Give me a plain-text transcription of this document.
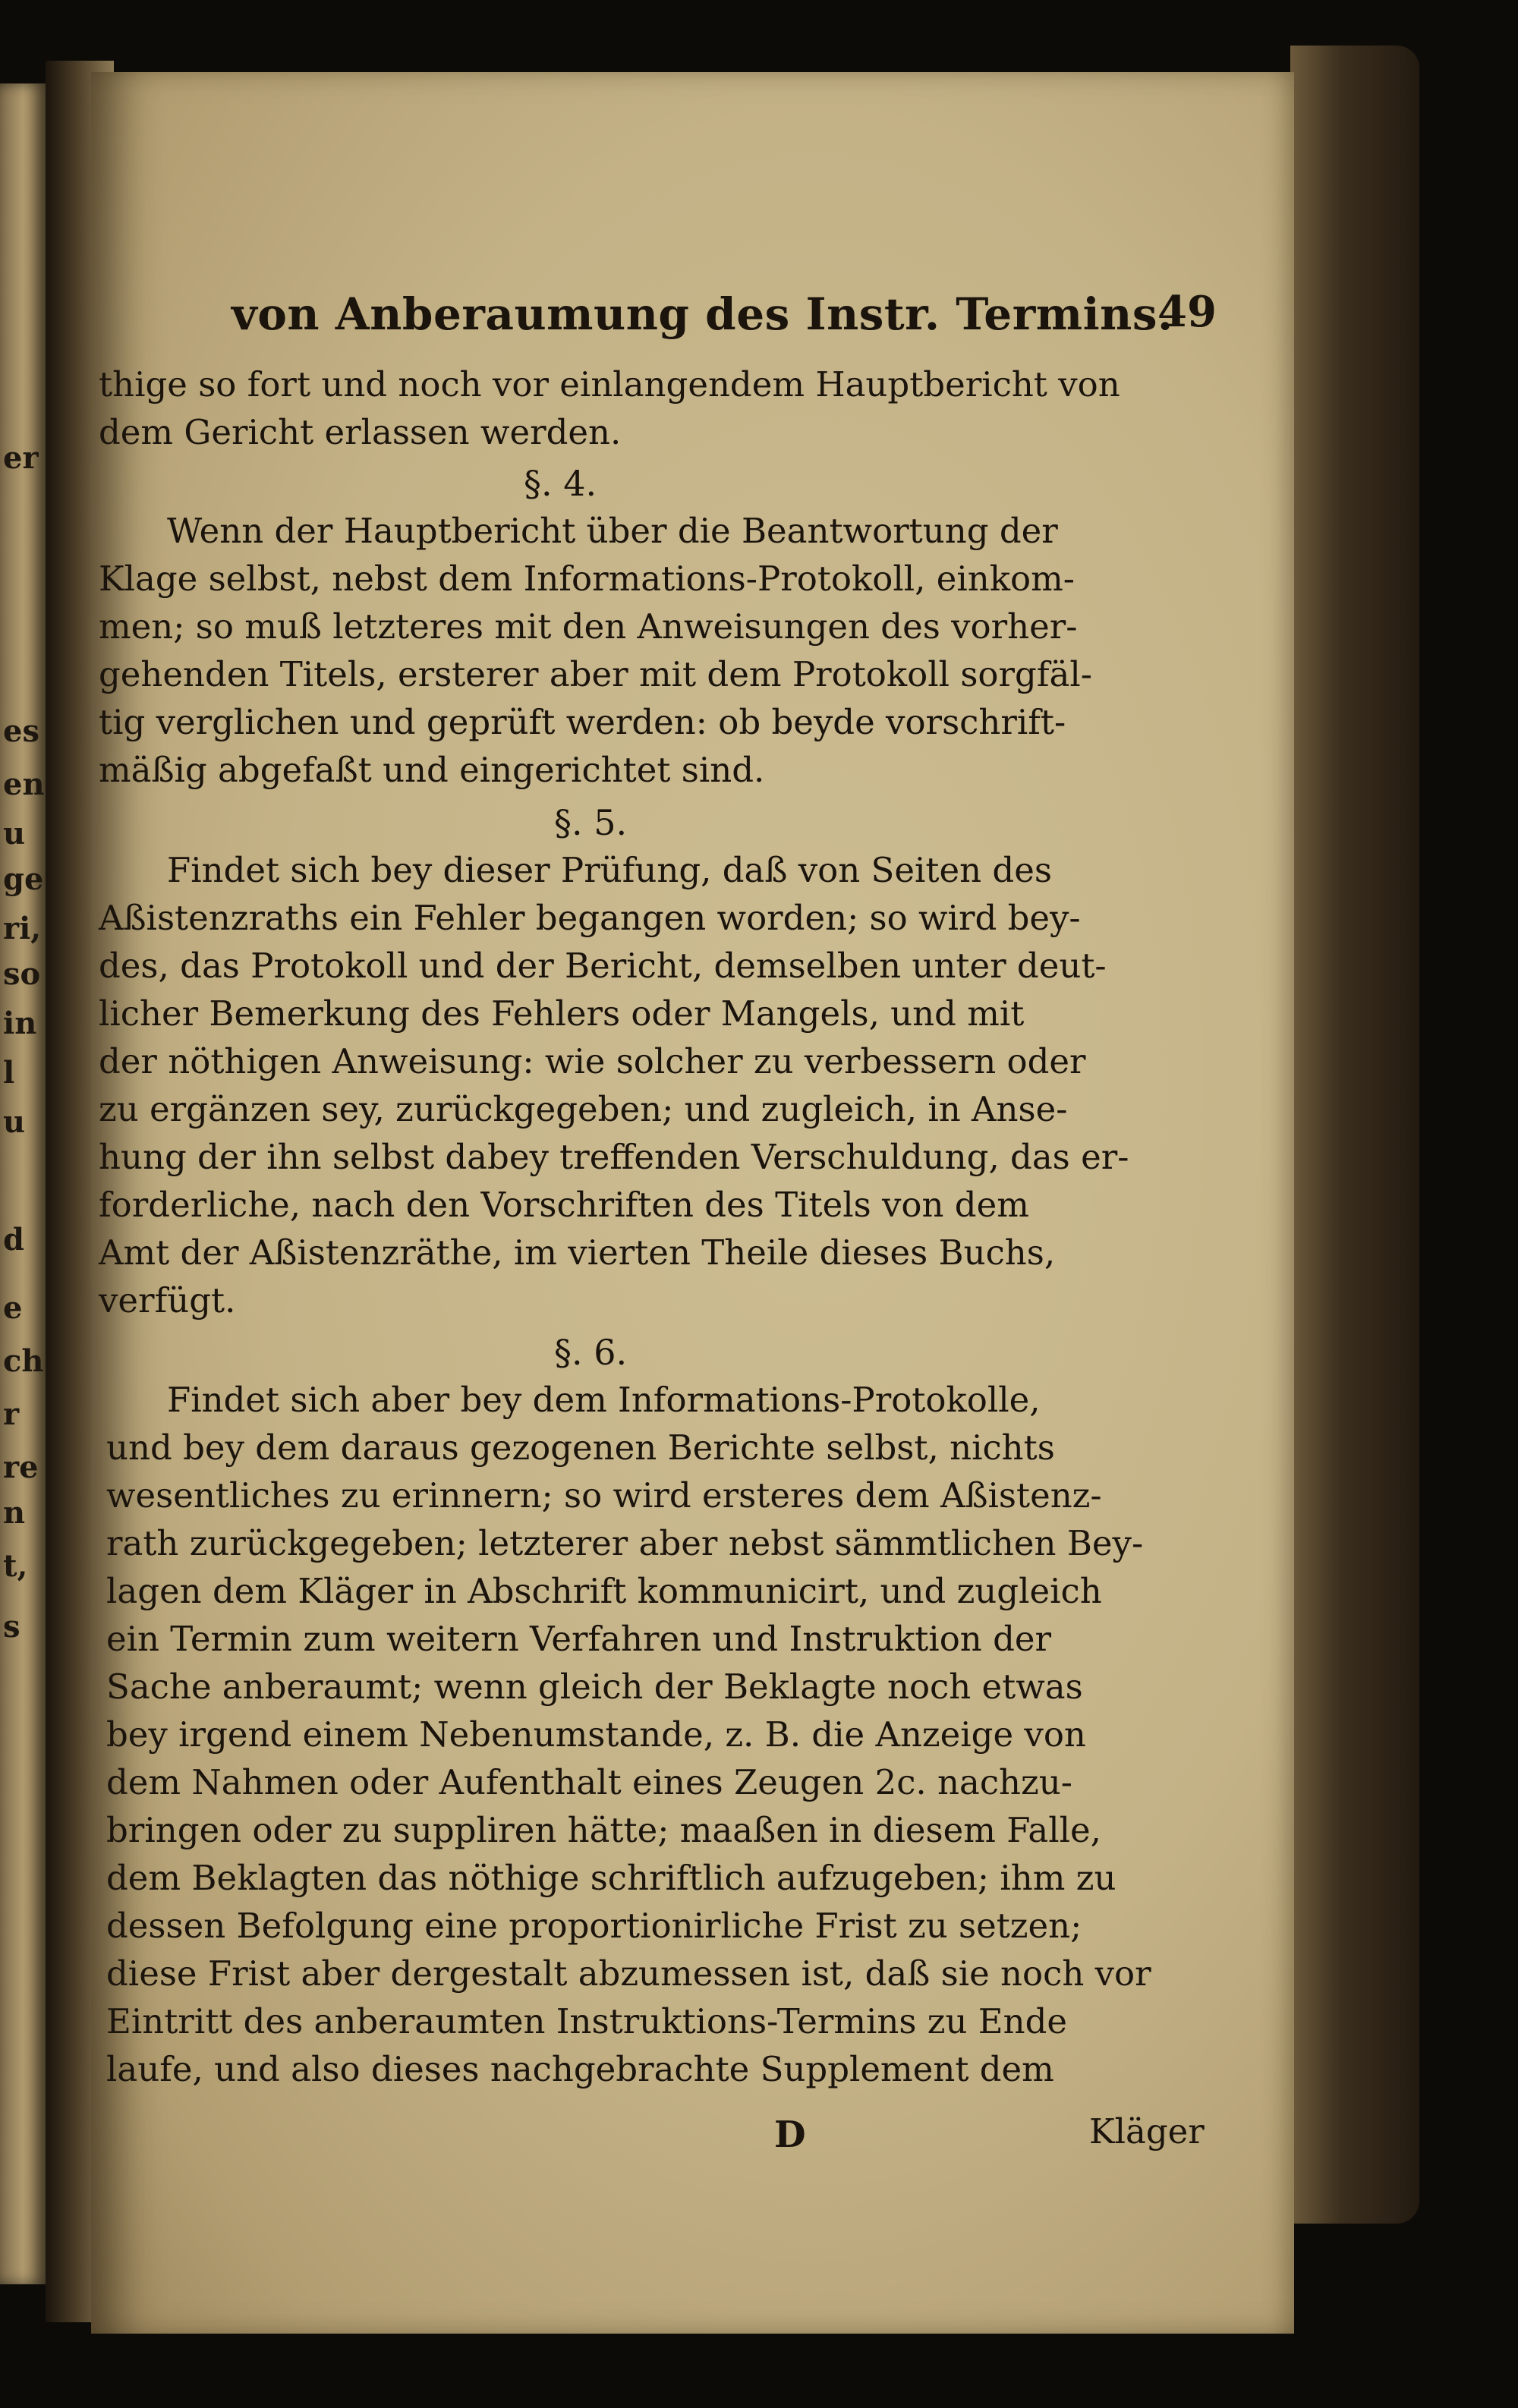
er
es
en
u
ge
ri,
so
in
l
u
d
e
ch
r
re
n
t,
s
von Anberaumung des Instr. Termins.
49

thige so fort und noch vor einlangendem Hauptbericht von

dem Gericht erlassen werden.

§. 4.

Wenn der Hauptbericht über die Beantwortung der

Klage selbst, nebst dem Informations-Protokoll, einkom-

men; so muß letzteres mit den Anweisungen des vorher-

gehenden Titels, ersterer aber mit dem Protokoll sorgfäl-

tig verglichen und geprüft werden: ob beyde vorschrift-

mäßig abgefaßt und eingerichtet sind.

§. 5.

Findet sich bey dieser Prüfung, daß von Seiten des

Aßistenzraths ein Fehler begangen worden; so wird bey-

des, das Protokoll und der Bericht, demselben unter deut-

licher Bemerkung des Fehlers oder Mangels, und mit

der nöthigen Anweisung: wie solcher zu verbessern oder

zu ergänzen sey, zurückgegeben; und zugleich, in Anse-

hung der ihn selbst dabey treffenden Verschuldung, das er-

forderliche, nach den Vorschriften des Titels von dem

Amt der Aßistenzräthe, im vierten Theile dieses Buchs,

verfügt.

§. 6.

Findet sich aber bey dem Informations-Protokolle,

und bey dem daraus gezogenen Berichte selbst, nichts

wesentliches zu erinnern; so wird ersteres dem Aßistenz-

rath zurückgegeben; letzterer aber nebst sämmtlichen Bey-

lagen dem Kläger in Abschrift kommunicirt, und zugleich

ein Termin zum weitern Verfahren und Instruktion der

Sache anberaumt; wenn gleich der Beklagte noch etwas

bey irgend einem Nebenumstande, z. B. die Anzeige von

dem Nahmen oder Aufenthalt eines Zeugen 2c. nachzu-

bringen oder zu suppliren hätte; maaßen in diesem Falle,

dem Beklagten das nöthige schriftlich aufzugeben; ihm zu

dessen Befolgung eine proportionirliche Frist zu setzen;

diese Frist aber dergestalt abzumessen ist, daß sie noch vor

Eintritt des anberaumten Instruktions-Termins zu Ende

laufe, und also dieses nachgebrachte Supplement dem

D	Kläger
